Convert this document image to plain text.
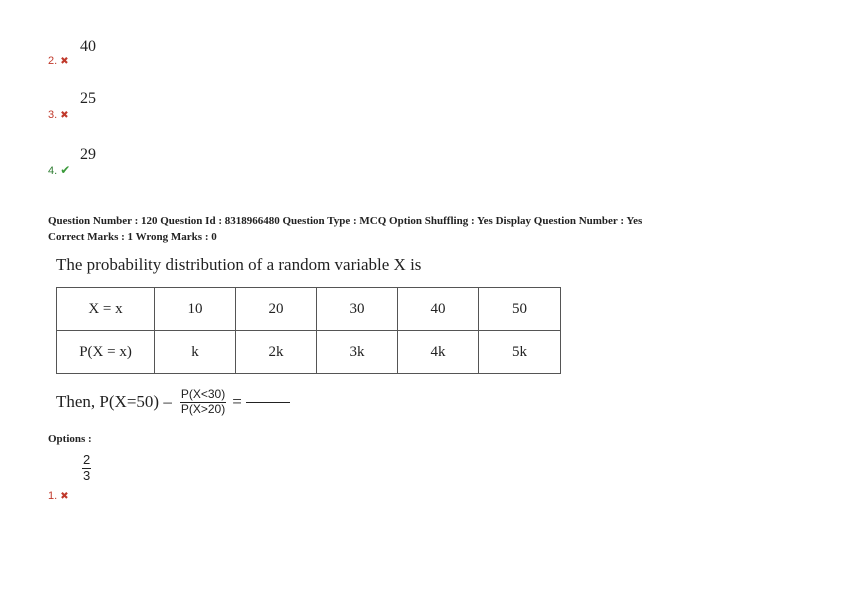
40
2. ✖
25
3. ✖
29
4. ✔
Question Number : 120 Question Id : 8318966480 Question Type : MCQ Option Shuffling : Yes Display Question Number : Yes
Correct Marks : 1 Wrong Marks : 0
The probability distribution of a random variable X is
X = x	10	20	30	40	50
P(X = x)	k	2k	3k	4k	5k
Then, $P(X=50) - \frac{P(X<30)}{P(X>20)}$ =
Options :
$\frac{2}{3}$
1. ✖
